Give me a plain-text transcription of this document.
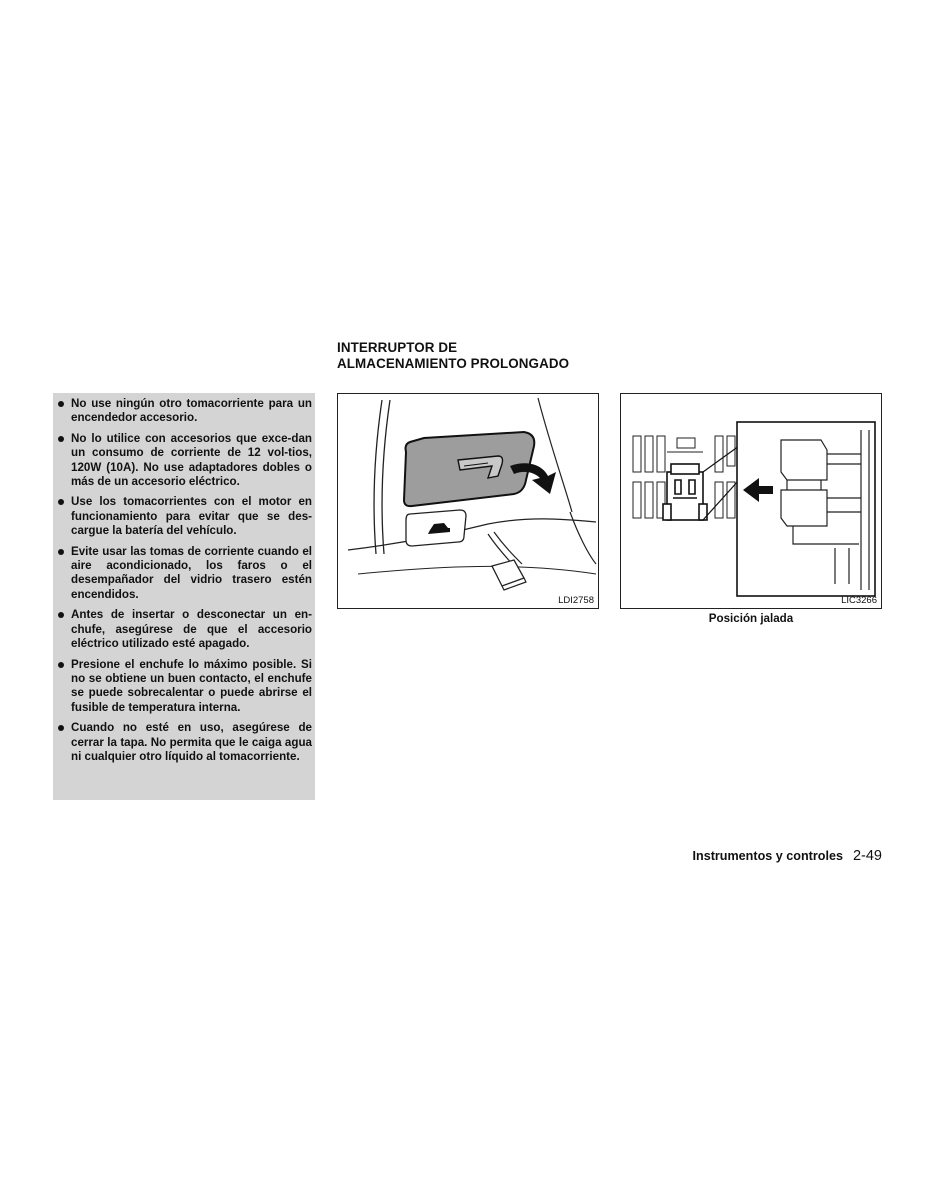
No use ningún otro tomacorriente para un encendedor accesorio.
No lo utilice con accesorios que exce-dan un consumo de corriente de 12 vol-tios, 120W (10A). No use adaptadores dobles o más de un accesorio eléctrico.
Use los tomacorrientes con el motor en funcionamiento para evitar que se des-cargue la batería del vehículo.
Evite usar las tomas de corriente cuando el aire acondicionado, los faros o el desempañador del vidrio trasero estén encendidos.
Antes de insertar o desconectar un en-chufe, asegúrese de que el accesorio eléctrico utilizado esté apagado.
Presione el enchufe lo máximo posible. Si no se obtiene un buen contacto, el enchufe se puede sobrecalentar o puede abrirse el fusible de temperatura interna.
Cuando no esté en uso, asegúrese de cerrar la tapa. No permita que le caiga agua ni cualquier otro líquido al tomacorriente.
INTERRUPTOR DE
ALMACENAMIENTO PROLONGADO
LDI2758	LIC3266
Posición jalada
Instrumentos y controles 2-49
